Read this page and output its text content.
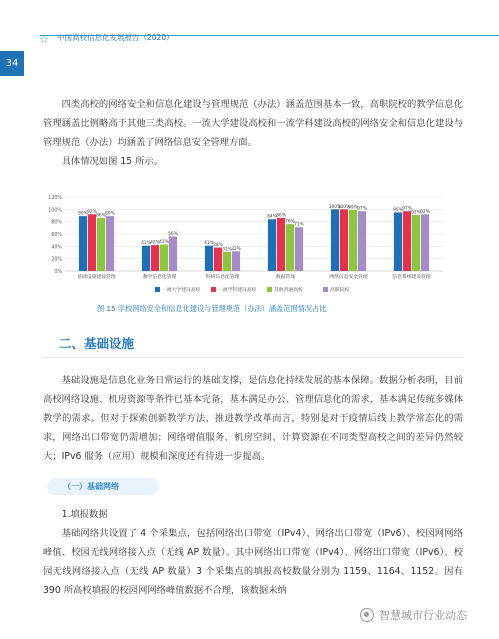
☆ 中国高校信息化发展报告（2020）
34
四类高校的网络安全和信息化建设与管理规范（办法）涵盖范围基本一致，高职院校的教学信息化管理涵盖比例略高于其他三类高校。一流大学建设高校和一流学科建设高校的网络安全和信息化建设与管理规范（办法）均涵盖了网络信息安全管理方面。
具体情况如图 15 所示。
0%
20%
40%
60%
80%
100%
120%
89% 92%
86% 89%
基础设施建设管理
41% 42% 43%
56%
教学信息化管理
41% 38%
31% 32%
科研信息化管理
84% 86%
76%
71%
数据管理
100%
100%
99% 97%
网络信息安全管理
95% 97%
91% 92%
信息系统建设管理
一流大学建设高校	一流学科建设高校	其他普通高校	高职院校
图 15 学校网络安全和信息化建设与管理规范（办法）涵盖范围情况占比
二、基础设施
基础设施是信息化业务日常运行的基础支撑，是信息化持续发展的基本保障。数据分析表明，目前高校网络设施、机房资源等条件已基本完备，基本满足办公、管理信息化的需求，基本满足传统多媒体教学的需求。但对于探索创新教学方法、推进教学改革而言，特别是对于疫情后线上教学常态化的需求，网络出口带宽仍需增加；网络增值服务、机房空间、计算资源在不同类型高校之间的差异仍然较大；IPv6 服务（应用）规模和深度还有待进一步提高。
（一）基础网络
1.填报数据
基础网络共设置了 4 个采集点，包括网络出口带宽（IPv4）、网络出口带宽（IPv6）、校园网网络峰值、校园无线网络接入点（无线 AP 数量）。其中网络出口带宽（IPv4）、网络出口带宽（IPv6）、校园无线网络接入点（无线 AP 数量）3 个采集点的填报高校数量分别为 1159、1164、1152。因有 390 所高校填报的校园网网络峰值数据不合理，该数据未纳
智慧城市行业动态
